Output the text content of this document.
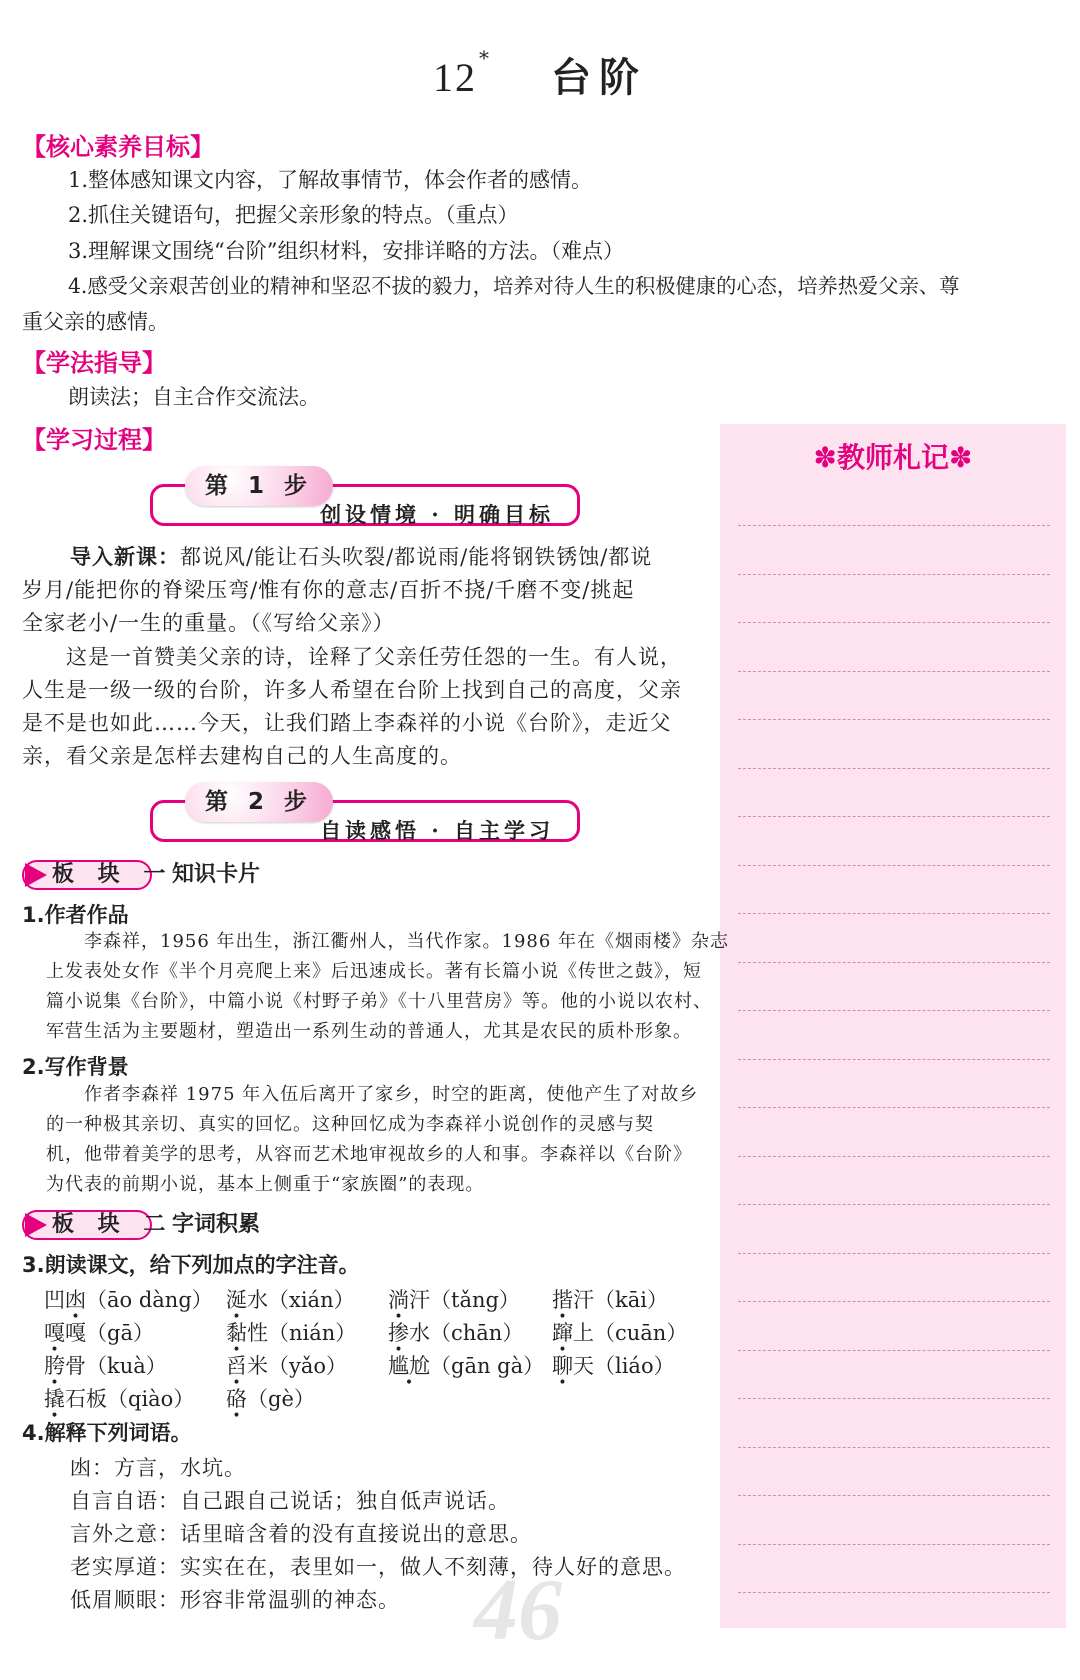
12 * 台阶
【核心素养目标】
1.整体感知课文内容，了解故事情节，体会作者的感情。
2.抓住关键语句，把握父亲形象的特点。（重点）
3.理解课文围绕“台阶”组织材料，安排详略的方法。（难点）
4.感受父亲艰苦创业的精神和坚忍不拔的毅力，培养对待人生的积极健康的心态，培养热爱父亲、尊
重父亲的感情。
【学法指导】
朗读法；自主合作交流法。
【学习过程】
✽教师札记✽
第 1 步
创设情境 · 明确目标
导入新课：都说风/能让石头吹裂/都说雨/能将钢铁锈蚀/都说
岁月/能把你的脊梁压弯/惟有你的意志/百折不挠/千磨不变/挑起
全家老小/一生的重量。（《写给父亲》）
　　这是一首赞美父亲的诗，诠释了父亲任劳任怨的一生。有人说，
人生是一级一级的台阶，许多人希望在台阶上找到自己的高度，父亲
是不是也如此……今天，让我们踏上李森祥的小说《台阶》，走近父
亲，看父亲是怎样去建构自己的人生高度的。
第 2 步
自读感悟 · 自主学习
板 块 一
知识卡片
1.作者作品
李森祥，1956 年出生，浙江衢州人，当代作家。1986 年在《烟雨楼》杂志
上发表处女作《半个月亮爬上来》后迅速成长。著有长篇小说《传世之鼓》，短
篇小说集《台阶》，中篇小说《村野子弟》《十八里营房》等。他的小说以农村、
军营生活为主要题材，塑造出一系列生动的普通人，尤其是农民的质朴形象。
2.写作背景
作者李森祥 1975 年入伍后离开了家乡，时空的距离，使他产生了对故乡
的一种极其亲切、真实的回忆。这种回忆成为李森祥小说创作的灵感与契
机，他带着美学的思考，从容而艺术地审视故乡的人和事。李森祥以《台阶》
为代表的前期小说，基本上侧重于“家族圈”的表现。
板 块 二
字词积累
3.朗读课文，给下列加点的字注音。
凹凼（āo dàng） 涎水（xián） 淌汗（tǎng） 揩汗（kāi）
嘎嘎（gā）	黏性（nián） 掺水（chān） 蹿上（cuān）
胯骨（kuà）	舀米（yǎo） 尴尬（gān gà） 聊天（liáo）
撬石板（qiào） 硌（gè）
4.解释下列词语。
凼：方言，水坑。
自言自语：自己跟自己说话；独自低声说话。
言外之意：话里暗含着的没有直接说出的意思。
老实厚道：实实在在，表里如一，做人不刻薄，待人好的意思。
低眉顺眼：形容非常温驯的神态。 46
